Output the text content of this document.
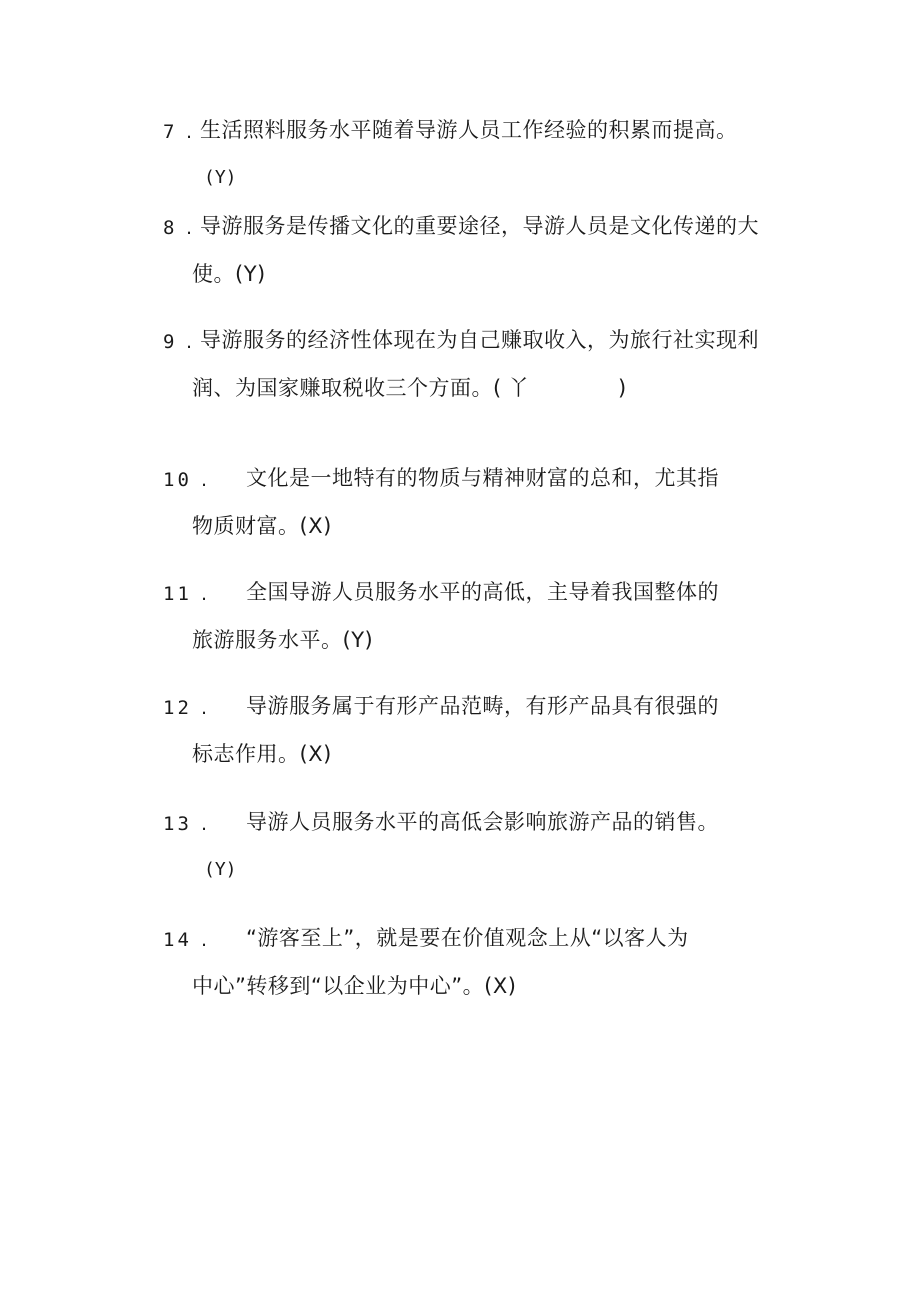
7 . 生活照料服务水平随着导游人员工作经验的积累而提高。
(Y)
8 . 导游服务是传播文化的重要途径，导游人员是文化传递的大
使。(Y)
9 . 导游服务的经济性体现在为自己赚取收入，为旅行社实现利
润、为国家赚取税收三个方面。( 丫	)
10 . 文化是一地特有的物质与精神财富的总和，尤其指
物质财富。(X)
11 . 全国导游人员服务水平的高低，主导着我国整体的
旅游服务水平。(Y)
12 . 导游服务属于有形产品范畴，有形产品具有很强的
标志作用。(X)
13 . 导游人员服务水平的高低会影响旅游产品的销售。
(Y)
14 . “游客至上”，就是要在价值观念上从“以客人为
中心”转移到“以企业为中心”。(X)
